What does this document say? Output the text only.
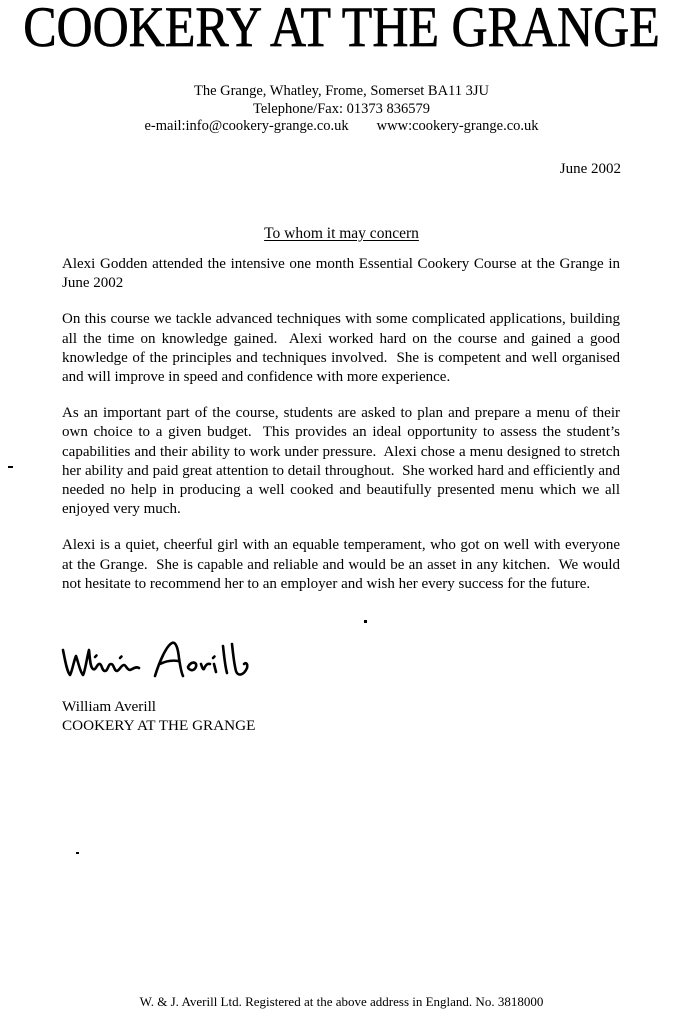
COOKERY AT THE GRANGE
The Grange, Whatley, Frome, Somerset BA11 3JU
Telephone/Fax: 01373 836579
e-mail:info@cookery-grange.co.uk www:cookery-grange.co.uk
June 2002
To whom it may concern

Alexi Godden attended the intensive one month Essential Cookery Course at the Grange in June 2002

On this course we tackle advanced techniques with some complicated applications, building all the time on knowledge gained.  Alexi worked hard on the course and gained a good knowledge of the principles and techniques involved.  She is competent and well organised and will improve in speed and confidence with more experience.

As an important part of the course, students are asked to plan and prepare a menu of their own choice to a given budget.  This provides an ideal opportunity to assess the student’s capabilities and their ability to work under pressure.  Alexi chose a menu designed to stretch her ability and paid great attention to detail throughout.  She worked hard and efficiently and needed no help in producing a well cooked and beautifully presented menu which we all enjoyed very much.

Alexi is a quiet, cheerful girl with an equable temperament, who got on well with everyone at the Grange.  She is capable and reliable and would be an asset in any kitchen.  We would not hesitate to recommend her to an employer and wish her every success for the future.

William Averill
COOKERY AT THE GRANGE
W. & J. Averill Ltd. Registered at the above address in England. No. 3818000
